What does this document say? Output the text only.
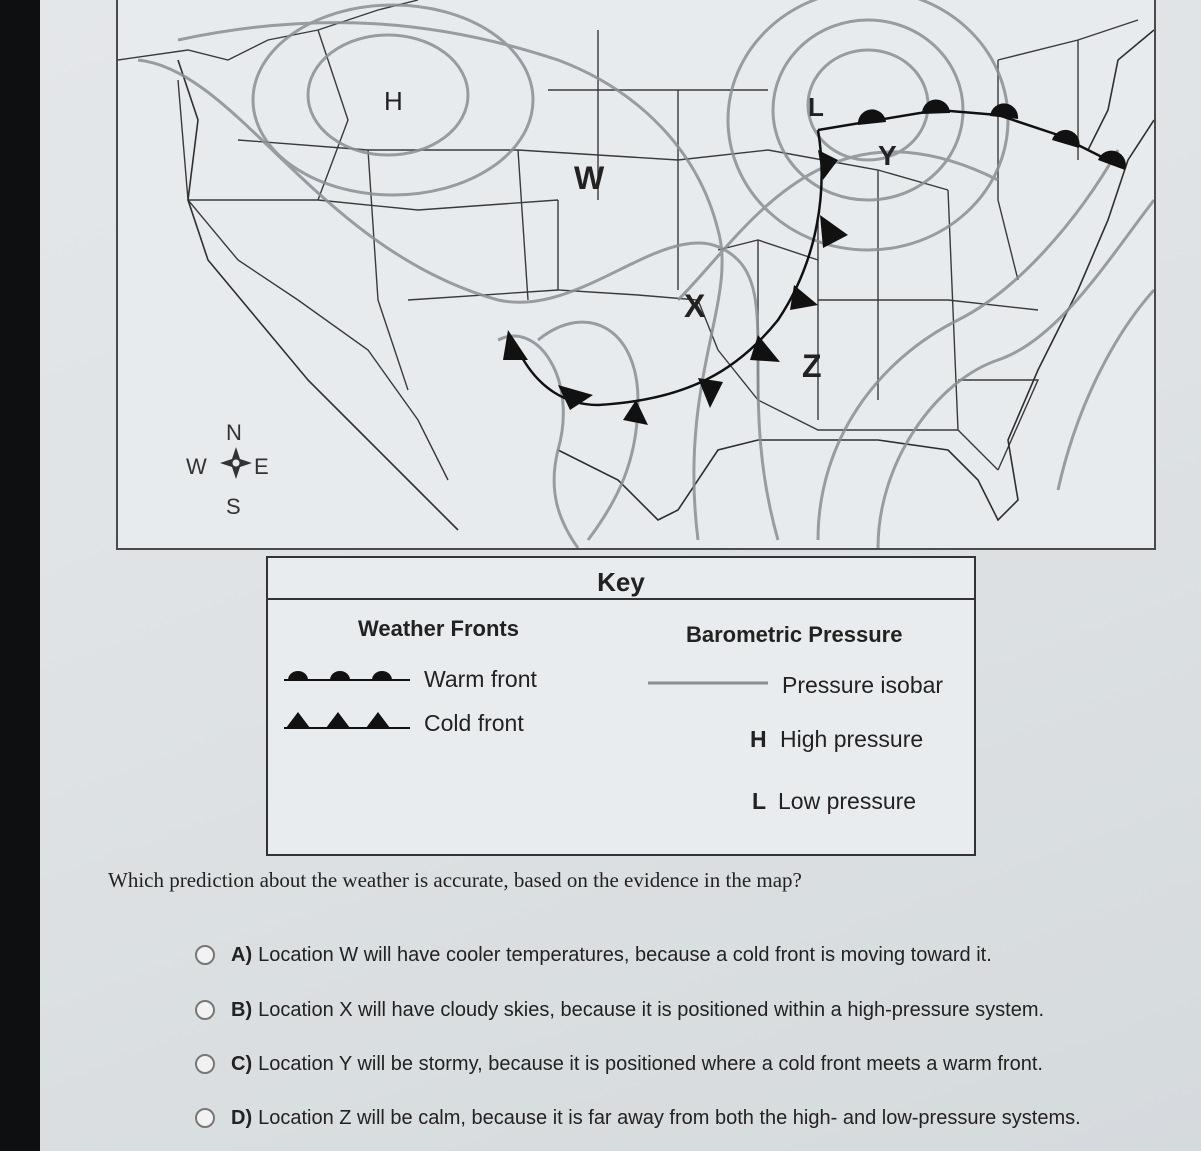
H	L
W
X
Y
Z
N
S
E
W
Key
Weather Fronts	Barometric Pressure
Warm front
Cold front
Pressure isobar
H High pressure
L Low pressure
Which prediction about the weather is accurate, based on the evidence in the map?
A) Location W will have cooler temperatures, because a cold front is moving toward it.
B) Location X will have cloudy skies, because it is positioned within a high-pressure system.
C) Location Y will be stormy, because it is positioned where a cold front meets a warm front.
D) Location Z will be calm, because it is far away from both the high- and low-pressure systems.
